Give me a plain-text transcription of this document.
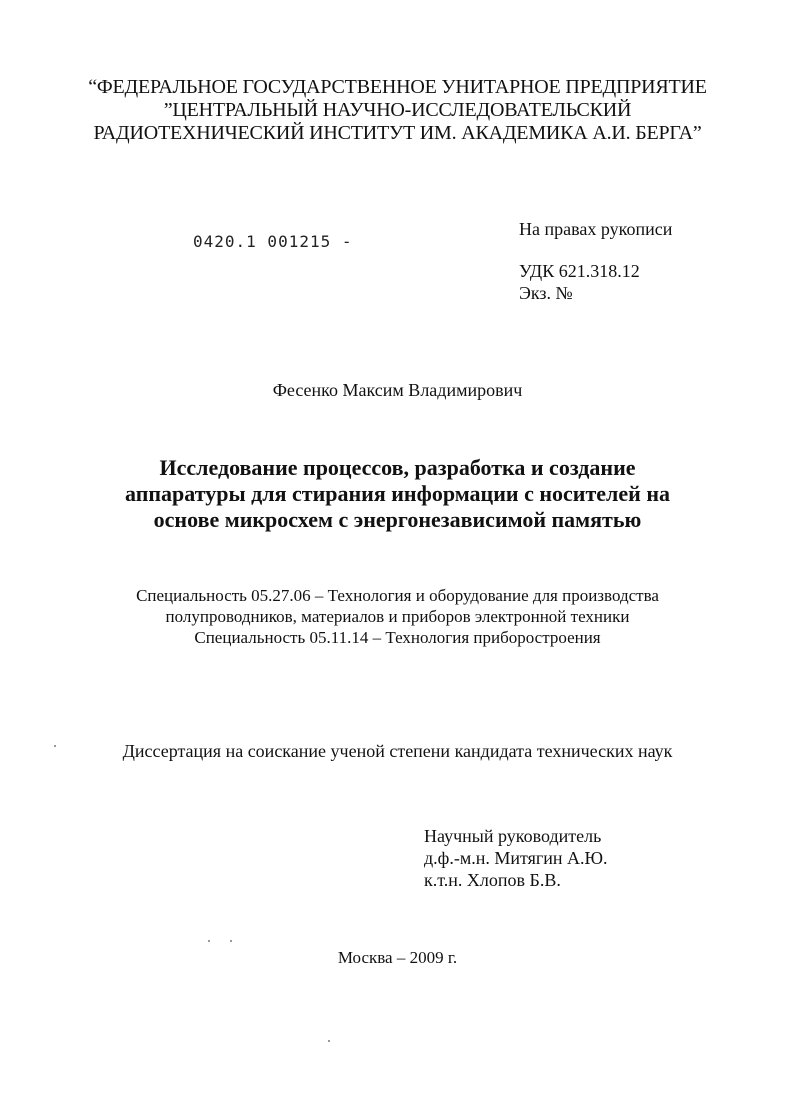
“ФЕДЕРАЛЬНОЕ ГОСУДАРСТВЕННОЕ УНИТАРНОЕ ПРЕДПРИЯТИЕ
”ЦЕНТРАЛЬНЫЙ НАУЧНО-ИССЛЕДОВАТЕЛЬСКИЙ
РАДИОТЕХНИЧЕСКИЙ ИНСТИТУТ ИМ. АКАДЕМИКА А.И. БЕРГА”
0420.1 001215 -
На правах рукописи
УДК 621.318.12
Экз. №
Фесенко Максим Владимирович
Исследование процессов, разработка и создание
аппаратуры для стирания информации с носителей на
основе микросхем с энергонезависимой памятью
Специальность 05.27.06 – Технология и оборудование для производства
полупроводников, материалов и приборов электронной техники
Специальность 05.11.14 – Технология приборостроения
Диссертация на соискание ученой степени кандидата технических наук
Научный руководитель
д.ф.-м.н. Митягин А.Ю.
к.т.н. Хлопов Б.В.
Москва – 2009 г.
